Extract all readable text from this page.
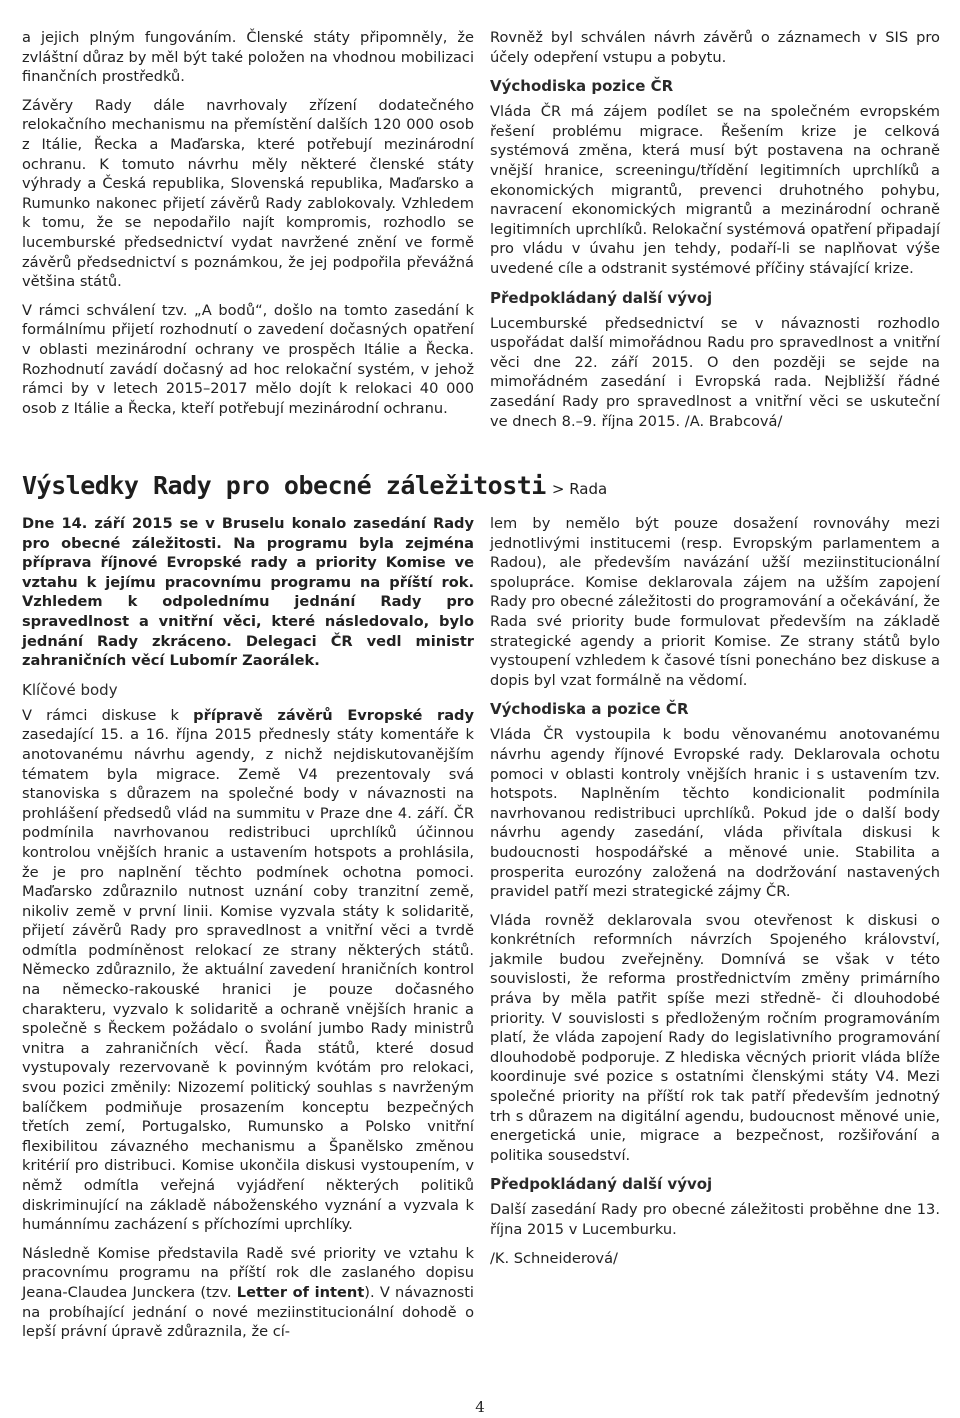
a jejich plným fungováním. Členské státy připomněly, že zvláštní důraz by měl být také položen na vhodnou mobilizaci finančních prostředků.

Závěry Rady dále navrhovaly zřízení dodatečného relokačního mechanismu na přemístění dalších 120 000 osob z Itálie, Řecka a Maďarska, které potřebují mezinárodní ochranu. K tomuto návrhu měly některé členské státy výhrady a Česká republika, Slovenská republika, Maďarsko a Rumunko nakonec přijetí závěrů Rady zablokovaly. Vzhledem k tomu, že se nepodařilo najít kompromis, rozhodlo se lucemburské předsednictví vydat navržené znění ve formě závěrů předsednictví s poznámkou, že jej podpořila převážná většina států.

V rámci schválení tzv. „A bodů“, došlo na tomto zasedání k formálnímu přijetí rozhodnutí o zavedení dočasných opatření v oblasti mezinárodní ochrany ve prospěch Itálie a Řecka. Rozhodnutí zavádí dočasný ad hoc relokační systém, v jehož rámci by v letech 2015–2017 mělo dojít k relokaci 40 000 osob z Itálie a Řecka, kteří potřebují mezinárodní ochranu.

Rovněž byl schválen návrh závěrů o záznamech v SIS pro účely odepření vstupu a pobytu.

Východiska pozice ČR

Vláda ČR má zájem podílet se na společném evropském řešení problému migrace. Řešením krize je celková systémová změna, která musí být postavena na ochraně vnější hranice, screeningu/třídění legitimních uprchlíků a ekonomických migrantů, prevenci druhotného pohybu, navracení ekonomických migrantů a mezinárodní ochraně legitimních uprchlíků. Relokační systémová opatření připadají pro vládu v úvahu jen tehdy, podaří-li se naplňovat výše uvedené cíle a odstranit systémové příčiny stávající krize.

Předpokládaný další vývoj

Lucemburské předsednictví se v návaznosti rozhodlo uspořádat další mimořádnou Radu pro spravedlnost a vnitřní věci dne 22. září 2015. O den později se sejde na mimořádném zasedání i Evropská rada. Nejbližší řádné zasedání Rady pro spravedlnost a vnitřní věci se uskuteční ve dnech 8.–9. října 2015. /A. Brabcová/

Výsledky Rady pro obecné záležitosti > Rada

Dne 14. září 2015 se v Bruselu konalo zasedání Rady pro obecné záležitosti. Na programu byla zejména příprava říjnové Evropské rady a priority Komise ve vztahu k jejímu pracovnímu programu na příští rok. Vzhledem k odpolednímu jednání Rady pro spravedlnost a vnitřní věci, které následovalo, bylo jednání Rady zkráceno. Delegaci ČR vedl ministr zahraničních věcí Lubomír Zaorálek.

Klíčové body

V rámci diskuse k přípravě závěrů Evropské rady zasedající 15. a 16. října 2015 přednesly státy komentáře k anotovanému návrhu agendy, z nichž nejdiskutovanějším tématem byla migrace. Země V4 prezentovaly svá stanoviska s důrazem na společné body v návaznosti na prohlášení předsedů vlád na summitu v Praze dne 4. září. ČR podmínila navrhovanou redistribuci uprchlíků účinnou kontrolou vnějších hranic a ustavením hotspots a prohlásila, že je pro naplnění těchto podmínek ochotna pomoci. Maďarsko zdůraznilo nutnost uznání coby tranzitní země, nikoliv země v první linii. Komise vyzvala státy k solidaritě, přijetí závěrů Rady pro spravedlnost a vnitřní věci a tvrdě odmítla podmíněnost relokací ze strany některých států. Německo zdůraznilo, že aktuální zavedení hraničních kontrol na německo-rakouské hranici je pouze dočasného charakteru, vyzvalo k solidaritě a ochraně vnějších hranic a společně s Řeckem požádalo o svolání jumbo Rady ministrů vnitra a zahraničních věcí. Řada států, které dosud vystupovaly rezervovaně k povinným kvótám pro relokaci, svou pozici změnily: Nizozemí politický souhlas s navrženým balíčkem podmiňuje prosazením konceptu bezpečných třetích zemí, Portugalsko, Rumunsko a Polsko vnitřní flexibilitou závazného mechanismu a Španělsko změnou kritérií pro distribuci. Komise ukončila diskusi vystoupením, v němž odmítla veřejná vyjádření některých politiků diskriminující na základě náboženského vyznání a vyzvala k humánnímu zacházení s příchozími uprchlíky.

Následně Komise představila Radě své priority ve vztahu k pracovnímu programu na příští rok dle zaslaného dopisu Jeana-Claudea Junckera (tzv. Letter of intent). V návaznosti na probíhající jednání o nové meziinstitucionální dohodě o lepší právní úpravě zdůraznila, že cí-

lem by nemělo být pouze dosažení rovnováhy mezi jednotlivými institucemi (resp. Evropským parlamentem a Radou), ale především navázání užší meziinstitucionální spolupráce. Komise deklarovala zájem na užším zapojení Rady pro obecné záležitosti do programování a očekávání, že Rada své priority bude formulovat především na základě strategické agendy a priorit Komise. Ze strany států bylo vystoupení vzhledem k časové tísni ponecháno bez diskuse a dopis byl vzat formálně na vědomí.

Východiska a pozice ČR

Vláda ČR vystoupila k bodu věnovanému anotovanému návrhu agendy říjnové Evropské rady. Deklarovala ochotu pomoci v oblasti kontroly vnějších hranic i s ustavením tzv. hotspots. Naplněním těchto kondicionalit podmínila navrhovanou redistribuci uprchlíků. Pokud jde o další body návrhu agendy zasedání, vláda přivítala diskusi k budoucnosti hospodářské a měnové unie. Stabilita a prosperita eurozóny založená na dodržování nastavených pravidel patří mezi strategické zájmy ČR.

Vláda rovněž deklarovala svou otevřenost k diskusi o konkrétních reformních návrzích Spojeného království, jakmile budou zveřejněny. Domnívá se však v této souvislosti, že reforma prostřednictvím změny primárního práva by měla patřit spíše mezi středně- či dlouhodobé priority. V souvislosti s předloženým ročním programováním platí, že vláda zapojení Rady do legislativního programování dlouhodobě podporuje. Z hlediska věcných priorit vláda blíže koordinuje své pozice s ostatními členskými státy V4. Mezi společné priority na příští rok tak patří především jednotný trh s důrazem na digitální agendu, budoucnost měnové unie, energetická unie, migrace a bezpečnost, rozšiřování a politika sousedství.

Předpokládaný další vývoj

Další zasedání Rady pro obecné záležitosti proběhne dne 13. října 2015 v Lucemburku.

/K. Schneiderová/

4
